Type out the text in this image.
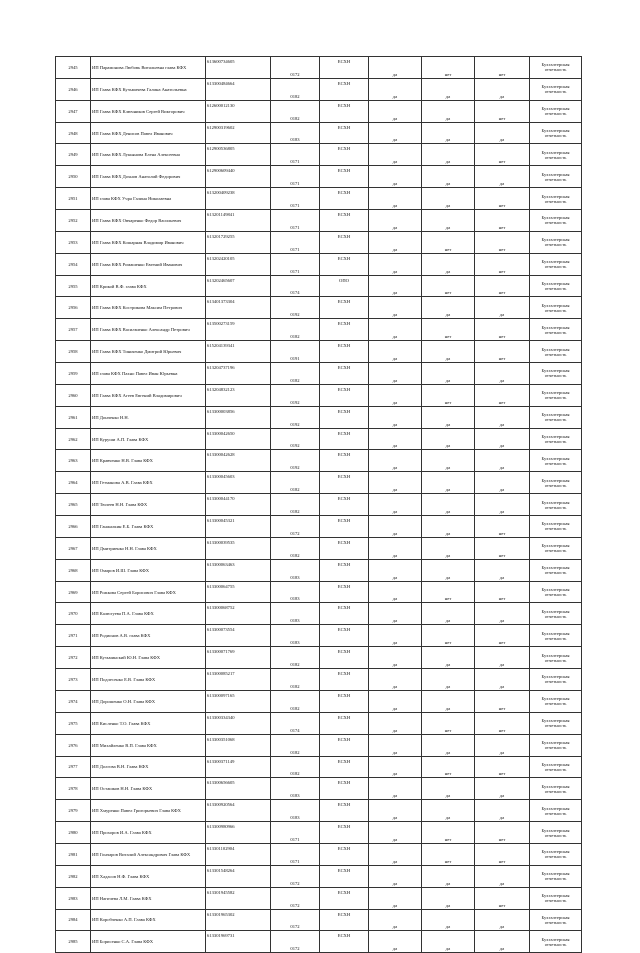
2945	ИП Парамонова Любовь Витальевна глава КФХ	613600734605	0172	ЕСХН	да	нет	нет	Бухгалтерская отчетность
2946	ИП Глава КФХ Кузьмичева Галина Анатольевна	613300484664	0182	ЕСХН	да	да	да	Бухгалтерская отчетность
2947	ИП Глава КФХ Ключников Сергей Викторович	612600012130	0182	ЕСХН	да	да	нет	Бухгалтерская отчетность
2948	ИП Глава КФХ Денисов Павел Иванович	612900319602	0183	ЕСХН	да	да	да	Бухгалтерская отчетность
2949	ИП Глава КФХ Лукьянова Елена Алексеевна	612900536805	0171	ЕСХН	да	да	нет	Бухгалтерская отчетность
2950	ИП Глава КФХ Дохнов Анатолий Федорович	612900609440	0171	ЕСХН	да	да	да	Бухгалтерская отчетность
2951	ИП глава КФХ Учра Галина Николаевна	613200409238	0171	ЕСХН	да	да	нет	Бухгалтерская отчетность
2952	ИП Глава КФХ Овчаренко Федор Васильевич	613201149841	0171	ЕСХН	да	да	нет	Бухгалтерская отчетность
2953	ИП Глава КФХ Кошарная Владимир Иванович	613201729255	0171	ЕСХН	да	нет	нет	Бухгалтерская отчетность
2954	ИП Глава КФХ Ромашенко Евгений Иванович	613202420105	0171	ЕСХН	да	да	нет	Бухгалтерская отчетность
2955	ИП Крикой В.Ф. глава КФХ	613202465607	0174	ОПО	да	нет	нет	Бухгалтерская отчетность
2956	ИП Глава КФХ Кострикова Максим Петрович	613401373304	0192	ЕСХН	да	да	да	Бухгалтерская отчетность
2957	ИП Глава КФХ Васильченко Александр Петрович	613500273159	0182	ЕСХН	да	нет	нет	Бухгалтерская отчетность
2958	ИП Глава КФХ Тиньченко Дмитрий Юрьевич	615204139341	0191	ЕСХН	да	да	нет	Бухгалтерская отчетность
2959	ИП глава КФХ Пахно Павел Иван Юрьевна	613204737196	0182	ЕСХН	да	да	да	Бухгалтерская отчетность
2960	ИП Глава КФХ Агеев Евгений Владимирович	613204832123	0192	ЕСХН	да	нет	нет	Бухгалтерская отчетность
2961	ИП Донченко Н.Н.	613300003856	0192	ЕСХН	да	да	да	Бухгалтерская отчетность
2962	ИП Куруши А.П. Глава КФХ	613300042650	0192	ЕСХН	да	да	да	Бухгалтерская отчетность
2963	ИП Кравченко Н.В. Глава КФХ	613300042628	0192	ЕСХН	да	да	да	Бухгалтерская отчетность
2964	ИП Гетманова А.В. Глава КФХ	613300045603	0182	ЕСХН	да	да	да	Бухгалтерская отчетность
2965	ИП Тюлеев Н.Н. Глава КФХ	613300044170	0182	ЕСХН	да	да	да	Бухгалтерская отчетность
2966	ИП Ганжалкин Е.Б. Глава КФХ	613300045321	0172	ЕСХН	да	да	нет	Бухгалтерская отчетность
2967	ИП Дмитриенко Н.Н. Глава КФХ	613300039535	0182	ЕСХН	да	да	нет	Бухгалтерская отчетность
2968	ИП Омаров И.Ш. Глава КФХ	613300063463	0183	ЕСХН	да	да	да	Бухгалтерская отчетность
2969	ИП Рожкова Сергей Борисович Глава КФХ	613300064755	0183	ЕСХН	да	нет	нет	Бухгалтерская отчетность
2970	ИП Калюгуева П.А. Глава КФХ	613300068752	0183	ЕСХН	да	да	да	Бухгалтерская отчетность
2971	ИП Родионов А.В. глава КФХ	613300073554	0183	ЕСХН	да	нет	нет	Бухгалтерская отчетность
2972	ИП Кузьминский Ю.Н. Глава КФХ	613300071769	0182	ЕСХН	да	да	да	Бухгалтерская отчетность
2973	ИП Подлесенко Е.В. Глава КФХ	613300085217	0182	ЕСХН	да	да	да	Бухгалтерская отчетность
2974	ИП Дорошенко О.Н. Глава КФХ	613300097165	0182	ЕСХН	да	да	нет	Бухгалтерская отчетность
2975	ИП Кисленко Т.О. Глава КФХ	613300334340	0174	ЕСХН	да	нет	нет	Бухгалтерская отчетность
2976	ИП Михайленко В.П. Глава КФХ	613300351068	0182	ЕСХН	да	да	да	Бухгалтерская отчетность
2977	ИП Долгова В.Н. Глава КФХ	613300371149	0182	ЕСХН	да	нет	нет	Бухгалтерская отчетность
2978	ИП Осташков Н.Н. Глава КФХ	613300656605	0183	ЕСХН	да	да	да	Бухгалтерская отчетность
2979	ИП Хмуренко Павел Григорьевич Глава КФХ	613300920564	0183	ЕСХН	да	да	да	Бухгалтерская отчетность
2980	ИП Прохоров И.А. Глава КФХ	613300980966	0171	ЕСХН	да	нет	нет	Бухгалтерская отчетность
2981	ИП Гончаров Виталий Александрович Глава КФХ	613301102904	0171	ЕСХН	да	нет	нет	Бухгалтерская отчетность
2982	ИП Хадасов Н.Ф. Глава КФХ	613301548264	0172	ЕСХН	да	да	да	Бухгалтерская отчетность
2983	ИП Нагичева Л.М. Глава КФХ	613301945582	0172	ЕСХН	да	да	нет	Бухгалтерская отчетность
2984	ИП Коробченко А.П. Глава КФХ	613301965302	0172	ЕСХН	да	да	да	Бухгалтерская отчетность
2985	ИП Борисенко С.А. Глава КФХ	613301969731	0172	ЕСХН	да	да	да	Бухгалтерская отчетность
